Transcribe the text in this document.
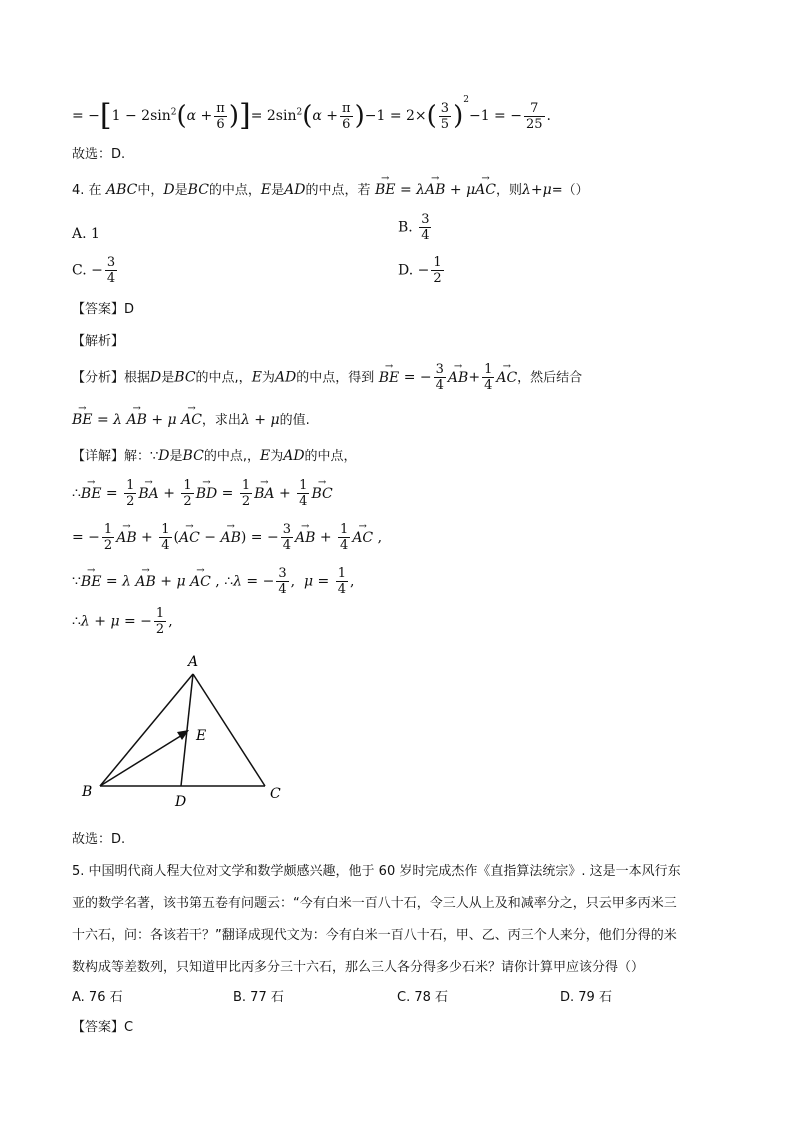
= $-[1 - 2\sin^2(\alpha + \frac{\pi}{6}$ )]= $2\sin^2(\alpha + \frac{\pi}{6} )-1 = 2\times( \frac{3}{5} )^2-1$ = − $\frac{7}{25}$ .
故选：D.
4. 在 ABC中，D是BC的中点，E是AD的中点，若 → BE = λ→ AB + μ→ AC，则λ+μ=（）
A. 1	B. $\frac{3}{4}$
C. − $\frac{3}{4}$	D. − $\frac{1}{2}$
【答案】D
【解析】
【分析】根据D是BC的中点,，E为AD的中点，得到 → BE = − $\frac{3}{4}$
→ $AB+ \frac{1}{4}$
→ AC，然后结合
→ BE = λ → AB + μ → AC，求出λ + μ的值.
【详解】解：∵D是BC的中点,，E为AD的中点，
∴→ BE = $\frac{1}{2}$
→ BA + $\frac{1}{2}$
→ BD = $\frac{1}{2}$
→ BA + $\frac{1}{4}$
→ BC
= − $\frac{1}{2}$
→ AB + $\frac{1}{4}$ (→ AC − → AB) = − $\frac{3}{4}$
→ AB + $\frac{1}{4}$
→ AC ,
∵→ BE = λ → AB + μ → AC , ∴λ = − $\frac{3}{4}$ ,  $\mu = \frac{1}{4}$ ,
∴λ + μ = − $\frac{1}{2}$ ,
A
B	C
D
E
故选：D.
5. 中国明代商人程大位对文学和数学颇感兴趣，他于 60 岁时完成杰作《直指算法统宗》. 这是一本风行东
亚的数学名著，该书第五卷有问题云：“今有白米一百八十石，令三人从上及和减率分之，只云甲多丙米三
十六石，问：各该若干？”翻译成现代文为：今有白米一百八十石，甲、乙、丙三个人来分，他们分得的米
数构成等差数列，只知道甲比丙多分三十六石，那么三人各分得多少石米？请你计算甲应该分得（）
A. 76 石	B. 77 石	C. 78 石	D. 79 石
【答案】C
